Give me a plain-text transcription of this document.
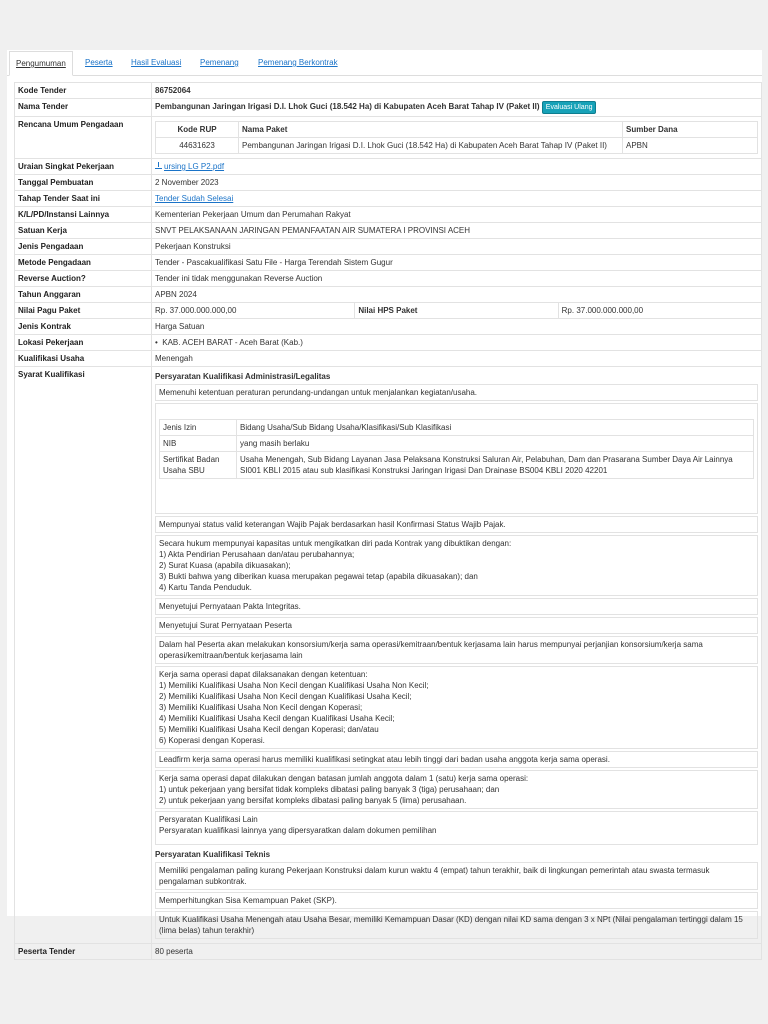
Pengumuman	Peserta Hasil Evaluasi Pemenang Pemenang Berkontrak
Kode Tender	86752064
Nama Tender	Pembangunan Jaringan Irigasi D.I. Lhok Guci (18.542 Ha) di Kabupaten Aceh Barat Tahap IV (Paket II) Evaluasi Ulang
Rencana Umum Pengadaan	
Kode RUP	Nama Paket	Sumber Dana
44631623	Pembangunan Jaringan Irigasi D.I. Lhok Guci (18.542 Ha) di Kabupaten Aceh Barat Tahap IV (Paket II)	APBN

Uraian Singkat Pekerjaan	ursing LG P2.pdf
Tanggal Pembuatan	2 November 2023
Tahap Tender Saat ini	Tender Sudah Selesai
K/L/PD/Instansi Lainnya	Kementerian Pekerjaan Umum dan Perumahan Rakyat
Satuan Kerja	SNVT PELAKSANAAN JARINGAN PEMANFAATAN AIR SUMATERA I PROVINSI ACEH
Jenis Pengadaan	Pekerjaan Konstruksi
Metode Pengadaan	Tender - Pascakualifikasi Satu File - Harga Terendah Sistem Gugur
Reverse Auction?	Tender ini tidak menggunakan Reverse Auction
Tahun Anggaran	APBN 2024
Nilai Pagu Paket	Rp. 37.000.000.000,00	Nilai HPS Paket	Rp. 37.000.000.000,00
Jenis Kontrak	Harga Satuan
Lokasi Pekerjaan	•  KAB. ACEH BARAT - Aceh Barat (Kab.)
Kualifikasi Usaha	Menengah
Syarat Kualifikasi	Persyaratan Kualifikasi Administrasi/Legalitas
Memenuhi ketentuan peraturan perundang-undangan untuk menjalankan kegiatan/usaha.

Jenis Izin	Bidang Usaha/Sub Bidang Usaha/Klasifikasi/Sub Klasifikasi
NIB	yang masih berlaku
Sertifikat Badan Usaha SBU	Usaha Menengah, Sub Bidang Layanan Jasa Pelaksana Konstruksi Saluran Air, Pelabuhan, Dam dan Prasarana Sumber Daya Air Lainnya SI001 KBLI 2015 atau sub klasifikasi Konstruksi Jaringan Irigasi Dan Drainase BS004 KBLI 2020 42201

Mempunyai status valid keterangan Wajib Pajak berdasarkan hasil Konfirmasi Status Wajib Pajak.
Secara hukum mempunyai kapasitas untuk mengikatkan diri pada Kontrak yang dibuktikan dengan:
1) Akta Pendirian Perusahaan dan/atau perubahannya;
2) Surat Kuasa (apabila dikuasakan);
3) Bukti bahwa yang diberikan kuasa merupakan pegawai tetap (apabila dikuasakan); dan
4) Kartu Tanda Penduduk.
Menyetujui Pernyataan Pakta Integritas.
Menyetujui Surat Pernyataan Peserta
Dalam hal Peserta akan melakukan konsorsium/kerja sama operasi/kemitraan/bentuk kerjasama lain harus mempunyai perjanjian konsorsium/kerja sama operasi/kemitraan/bentuk kerjasama lain
Kerja sama operasi dapat dilaksanakan dengan ketentuan:
1) Memiliki Kualifikasi Usaha Non Kecil dengan Kualifikasi Usaha Non Kecil;
2) Memiliki Kualifikasi Usaha Non Kecil dengan Kualifikasi Usaha Kecil;
3) Memiliki Kualifikasi Usaha Non Kecil dengan Koperasi;
4) Memiliki Kualifikasi Usaha Kecil dengan Kualifikasi Usaha Kecil;
5) Memiliki Kualifikasi Usaha Kecil dengan Koperasi; dan/atau
6) Koperasi dengan Koperasi.
Leadfirm kerja sama operasi harus memiliki kualifikasi setingkat atau lebih tinggi dari badan usaha anggota kerja sama operasi.
Kerja sama operasi dapat dilakukan dengan batasan jumlah anggota dalam 1 (satu) kerja sama operasi:
1) untuk pekerjaan yang bersifat tidak kompleks dibatasi paling banyak 3 (tiga) perusahaan; dan
2) untuk pekerjaan yang bersifat kompleks dibatasi paling banyak 5 (lima) perusahaan.
Persyaratan Kualifikasi Lain
Persyaratan kualifikasi lainnya yang dipersyaratkan dalam dokumen pemilihan
Persyaratan Kualifikasi Teknis
Memiliki pengalaman paling kurang Pekerjaan Konstruksi dalam kurun waktu 4 (empat) tahun terakhir, baik di lingkungan pemerintah atau swasta termasuk pengalaman subkontrak.
Memperhitungkan Sisa Kemampuan Paket (SKP).
Untuk Kualifikasi Usaha Menengah atau Usaha Besar, memiliki Kemampuan Dasar (KD) dengan nilai KD sama dengan 3 x NPt (Nilai pengalaman tertinggi dalam 15 (lima belas) tahun terakhir)

Peserta Tender	80 peserta
